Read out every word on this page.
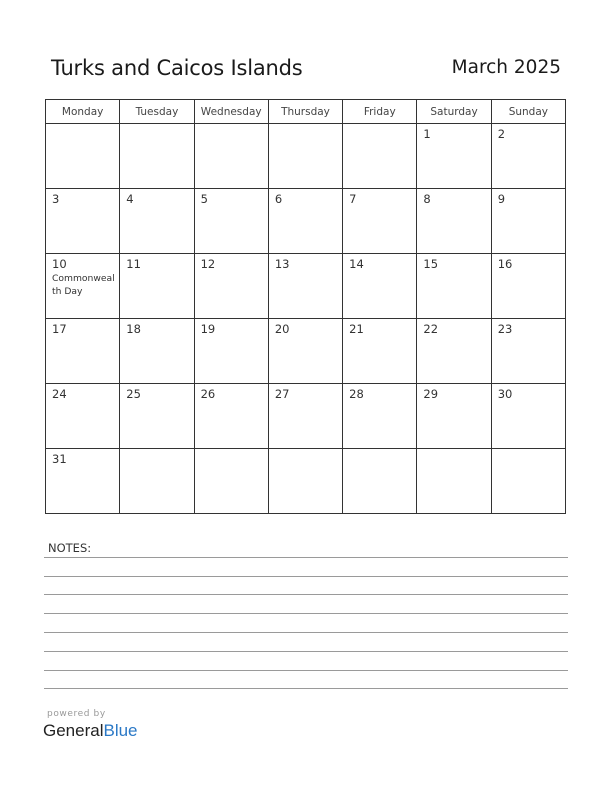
Turks and Caicos Islands	March 2025
Monday	Tuesday	Wednesday	Thursday	Friday	Saturday	Sunday

					1	2

3	4	5	6	7	8	9

10
Commonwealth Day	11	12	13	14	15	16

17	18	19	20	21	22	23

24	25	26	27	28	29	30

31						

NOTES:
powered by
GeneralBlue
